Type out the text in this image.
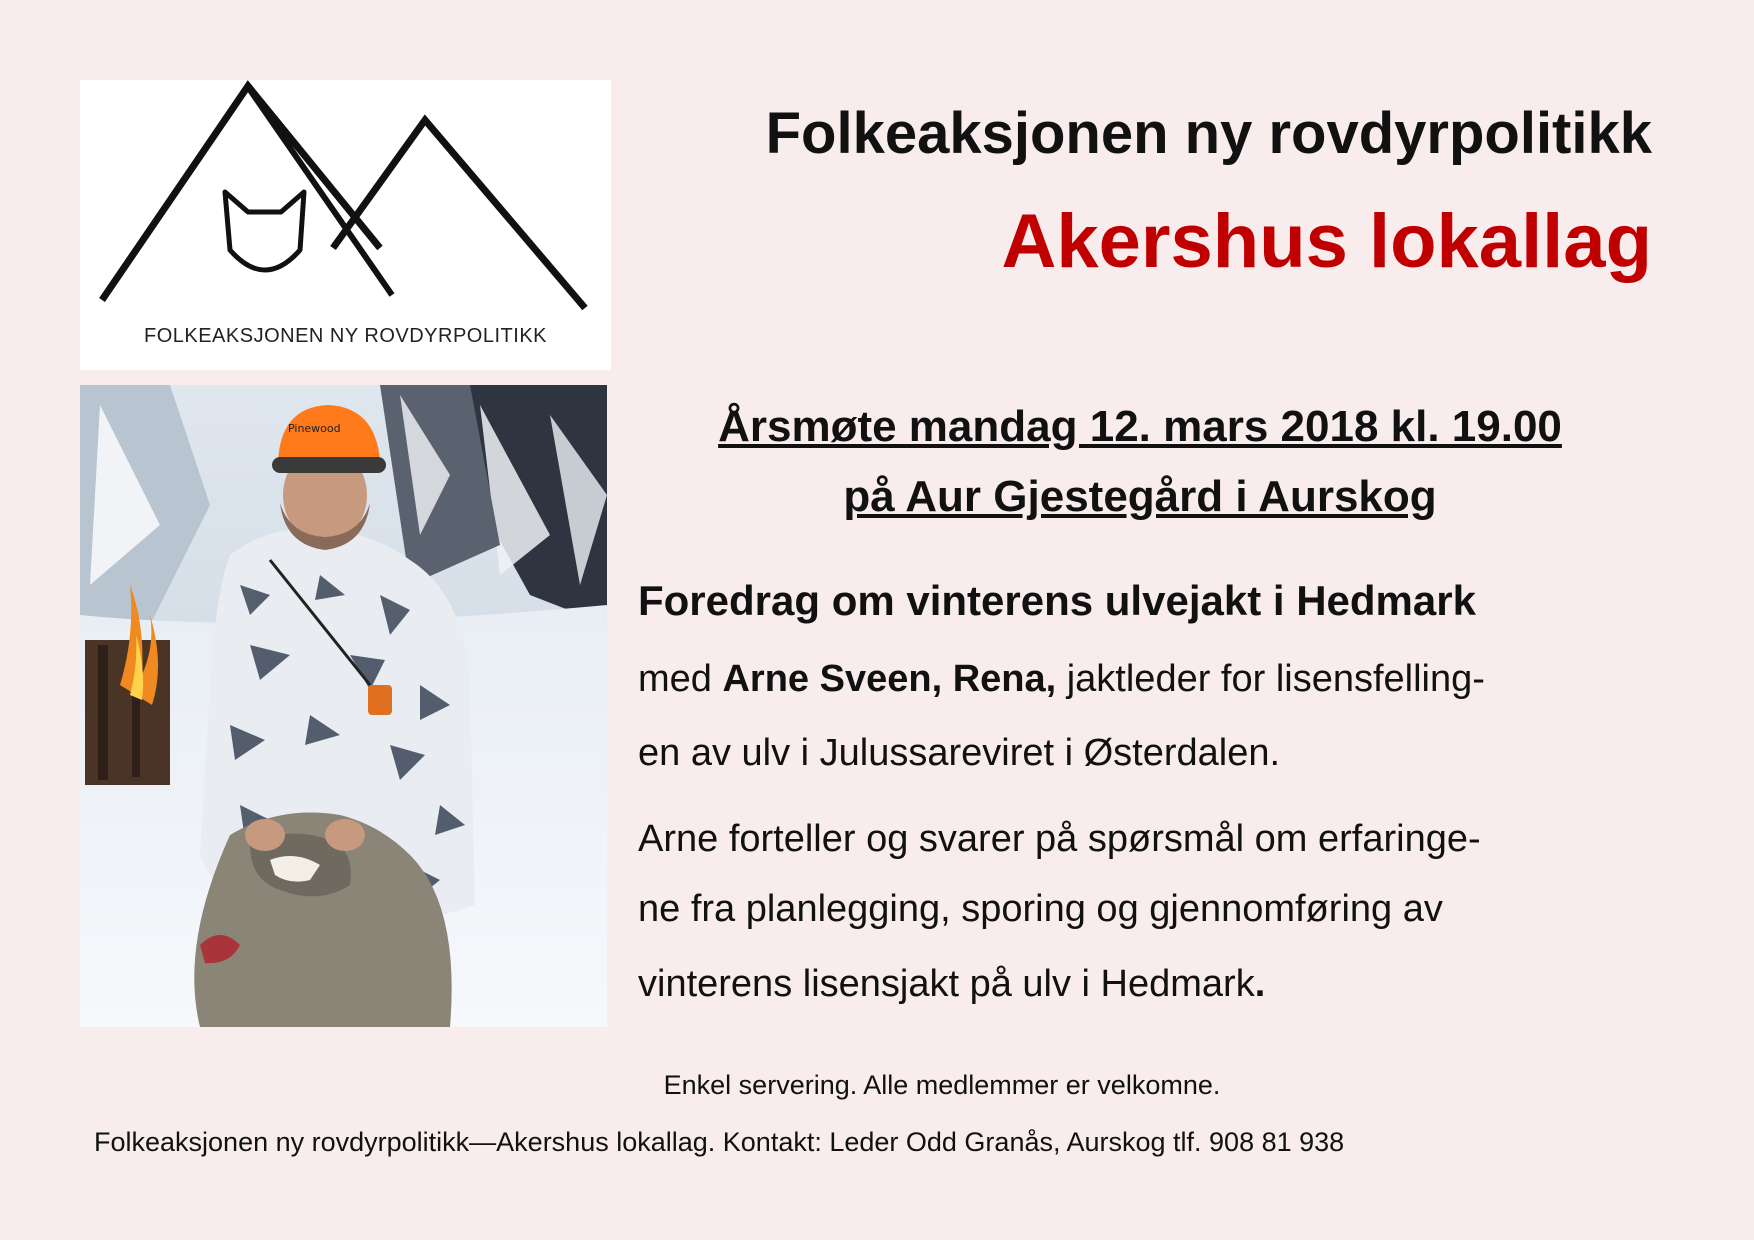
FOLKEAKSJONEN NY ROVDYRPOLITIKK
Pinewood
Folkeaksjonen ny rovdyrpolitikk
Akershus lokallag
Årsmøte mandag 12. mars 2018 kl. 19.00
på Aur Gjestegård i Aurskog
Foredrag om vinterens ulvejakt i Hedmark
med Arne Sveen, Rena, jaktleder for lisensfelling-
en av ulv i Julussareviret i Østerdalen.
Arne forteller og svarer på spørsmål om erfaringe-
ne fra planlegging, sporing og gjennomføring av
vinterens lisensjakt på ulv i Hedmark.
Enkel servering. Alle medlemmer er velkomne.
Folkeaksjonen ny rovdyrpolitikk—Akershus lokallag. Kontakt: Leder Odd Granås, Aurskog tlf. 908 81 938
